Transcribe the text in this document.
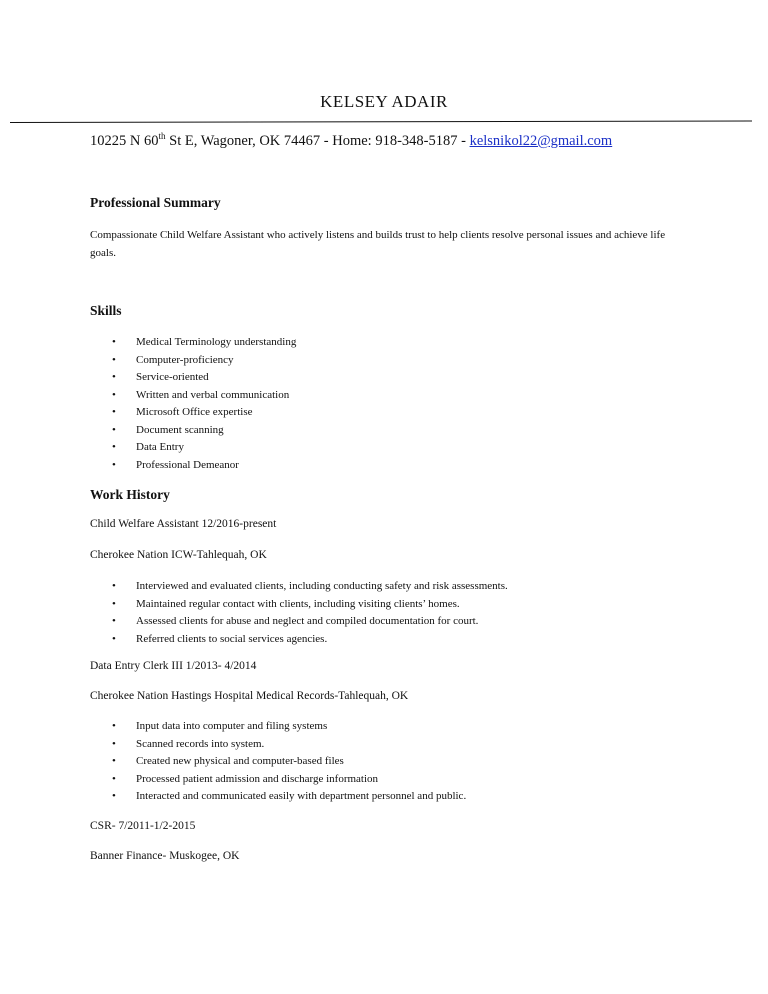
KELSEY ADAIR
10225 N 60th St E, Wagoner, OK 74467 - Home: 918-348-5187 - kelsnikol22@gmail.com
Professional Summary

Compassionate Child Welfare Assistant who actively listens and builds trust to help clients resolve personal issues and achieve life goals.

Skills
• Medical Terminology understanding
• Computer-proficiency
• Service-oriented
• Written and verbal communication
• Microsoft Office expertise
• Document scanning
• Data Entry
• Professional Demeanor
Work History
Child Welfare Assistant 12/2016-present
Cherokee Nation ICW-Tahlequah, OK
• Interviewed and evaluated clients, including conducting safety and risk assessments.
• Maintained regular contact with clients, including visiting clients’ homes.
• Assessed clients for abuse and neglect and compiled documentation for court.
• Referred clients to social services agencies.
Data Entry Clerk III 1/2013- 4/2014
Cherokee Nation Hastings Hospital Medical Records-Tahlequah, OK
• Input data into computer and filing systems
• Scanned records into system.
• Created new physical and computer-based files
• Processed patient admission and discharge information
• Interacted and communicated easily with department personnel and public.
CSR- 7/2011-1/2-2015
Banner Finance- Muskogee, OK
